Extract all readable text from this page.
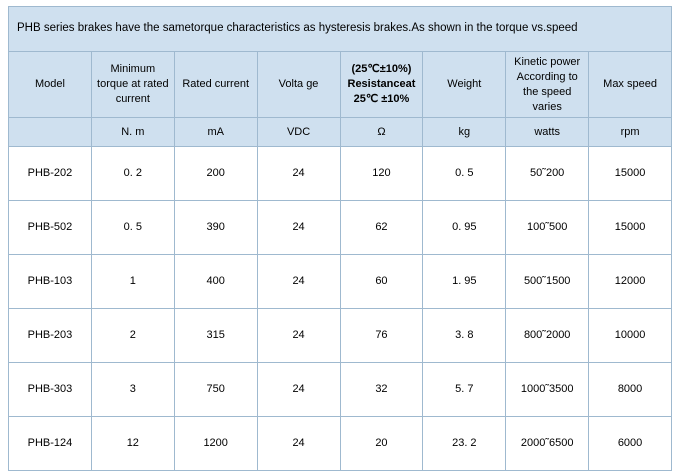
PHB series brakes have the sametorque characteristics as hysteresis brakes.As shown in the torque vs.speed							
Model	Minimum torque at rated current	Rated current	Volta ge	(25℃±10%) Resistanceat 25℃ ±10%	Weight	Kinetic power According to the speed varies	Max speed
	N. m	mA	VDC	Ω	kg	watts	rpm
PHB-202	0. 2	200	24	120	0. 5	50˜200	15000
PHB-502	0. 5	390	24	62	0. 95	100˜500	15000
PHB-103	1	400	24	60	1. 95	500˜1500	12000
PHB-203	2	315	24	76	3. 8	800˜2000	10000
PHB-303	3	750	24	32	5. 7	1000˜3500	8000
PHB-124	12	1200	24	20	23. 2	2000˜6500	6000
